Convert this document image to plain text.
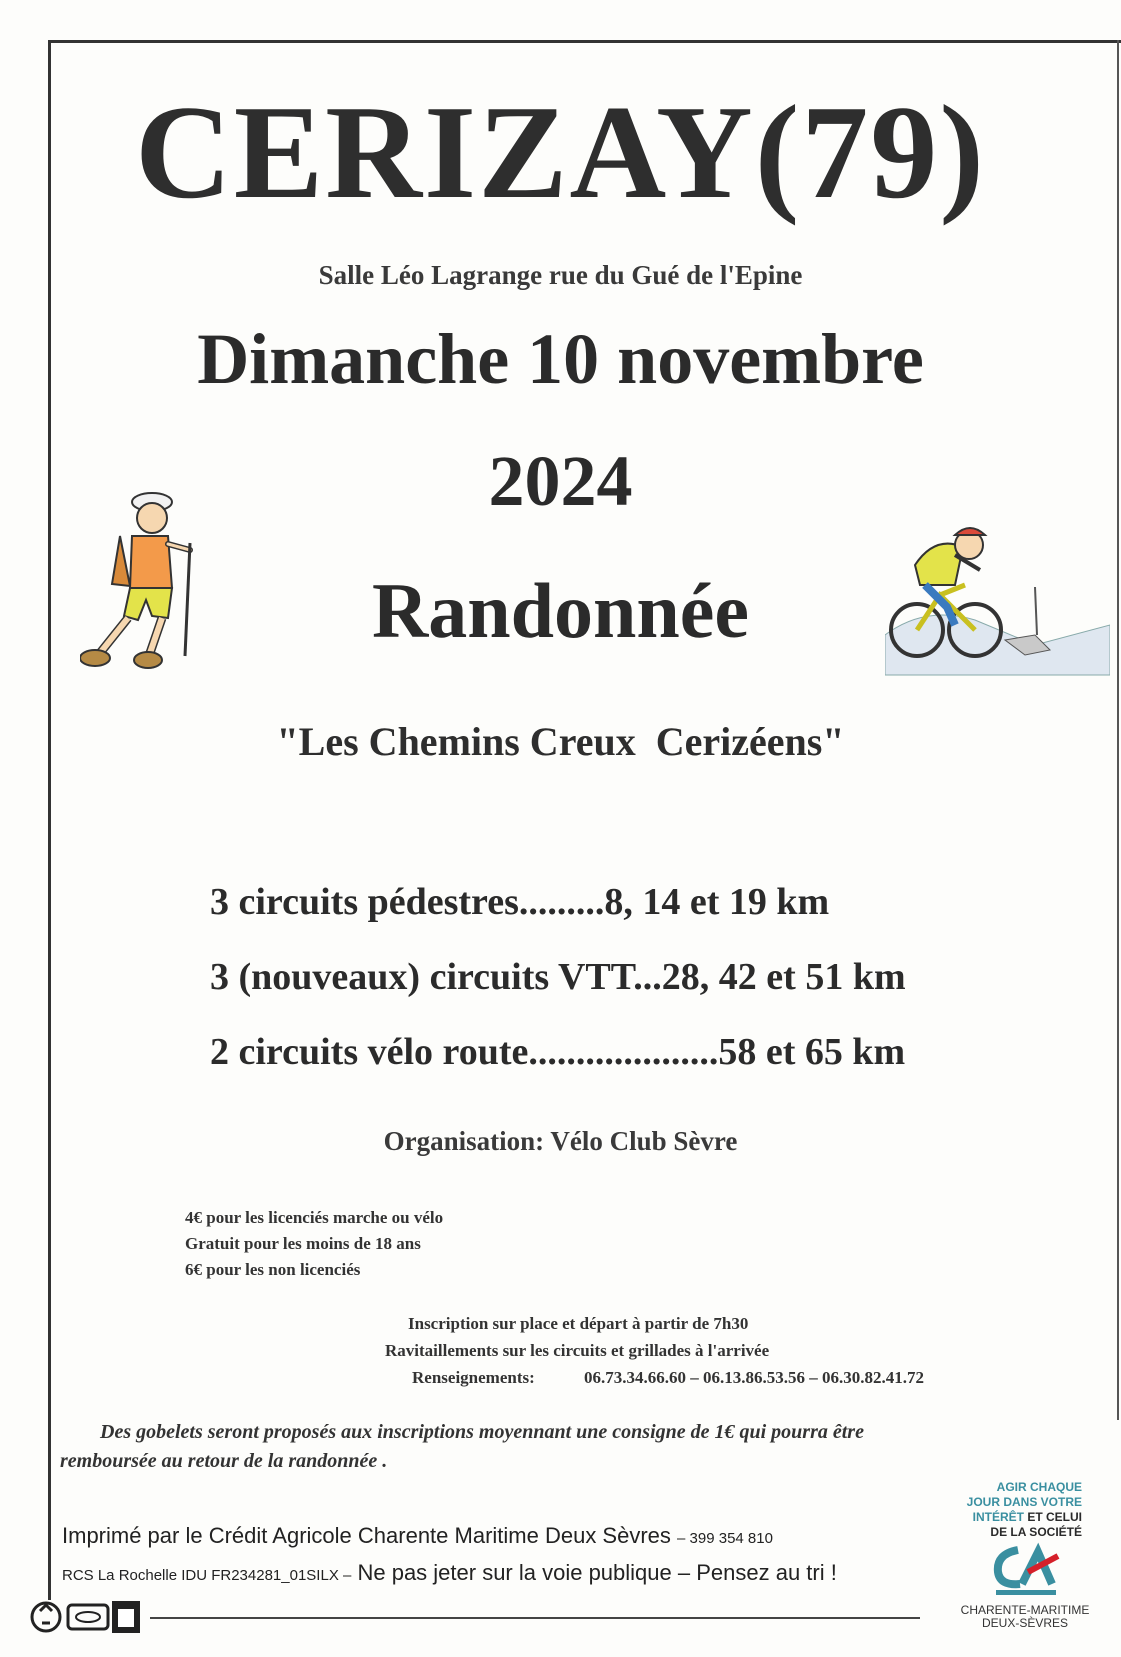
CERIZAY(79)
Salle Léo Lagrange rue du Gué de l'Epine
Dimanche 10 novembre
2024
Randonnée
"Les Chemins Creux  Cerizéens"
3 circuits pédestres.........8, 14 et 19 km
3 (nouveaux) circuits VTT...28, 42 et 51 km
2 circuits vélo route....................58 et 65 km
Organisation: Vélo Club Sèvre
4€ pour les licenciés marche ou vélo
Gratuit pour les moins de 18 ans
6€ pour les non licenciés
Inscription sur place et départ à partir de 7h30
Ravitaillements sur les circuits et grillades à l'arrivée
Renseignements:	06.73.34.66.60 – 06.13.86.53.56 – 06.30.82.41.72
Des gobelets seront proposés aux inscriptions moyennant une consigne de 1€ qui pourra être
remboursée au retour de la randonnée .
Imprimé par le Crédit Agricole Charente Maritime Deux Sèvres – 399 354 810
RCS La Rochelle IDU FR234281_01SILX – Ne pas jeter sur la voie publique – Pensez au tri !
AGIR CHAQUE
JOUR DANS VOTRE
INTÉRÊT ET CELUI
DE LA SOCIÉTÉ
CHARENTE-MARITIME
DEUX-SÈVRES
